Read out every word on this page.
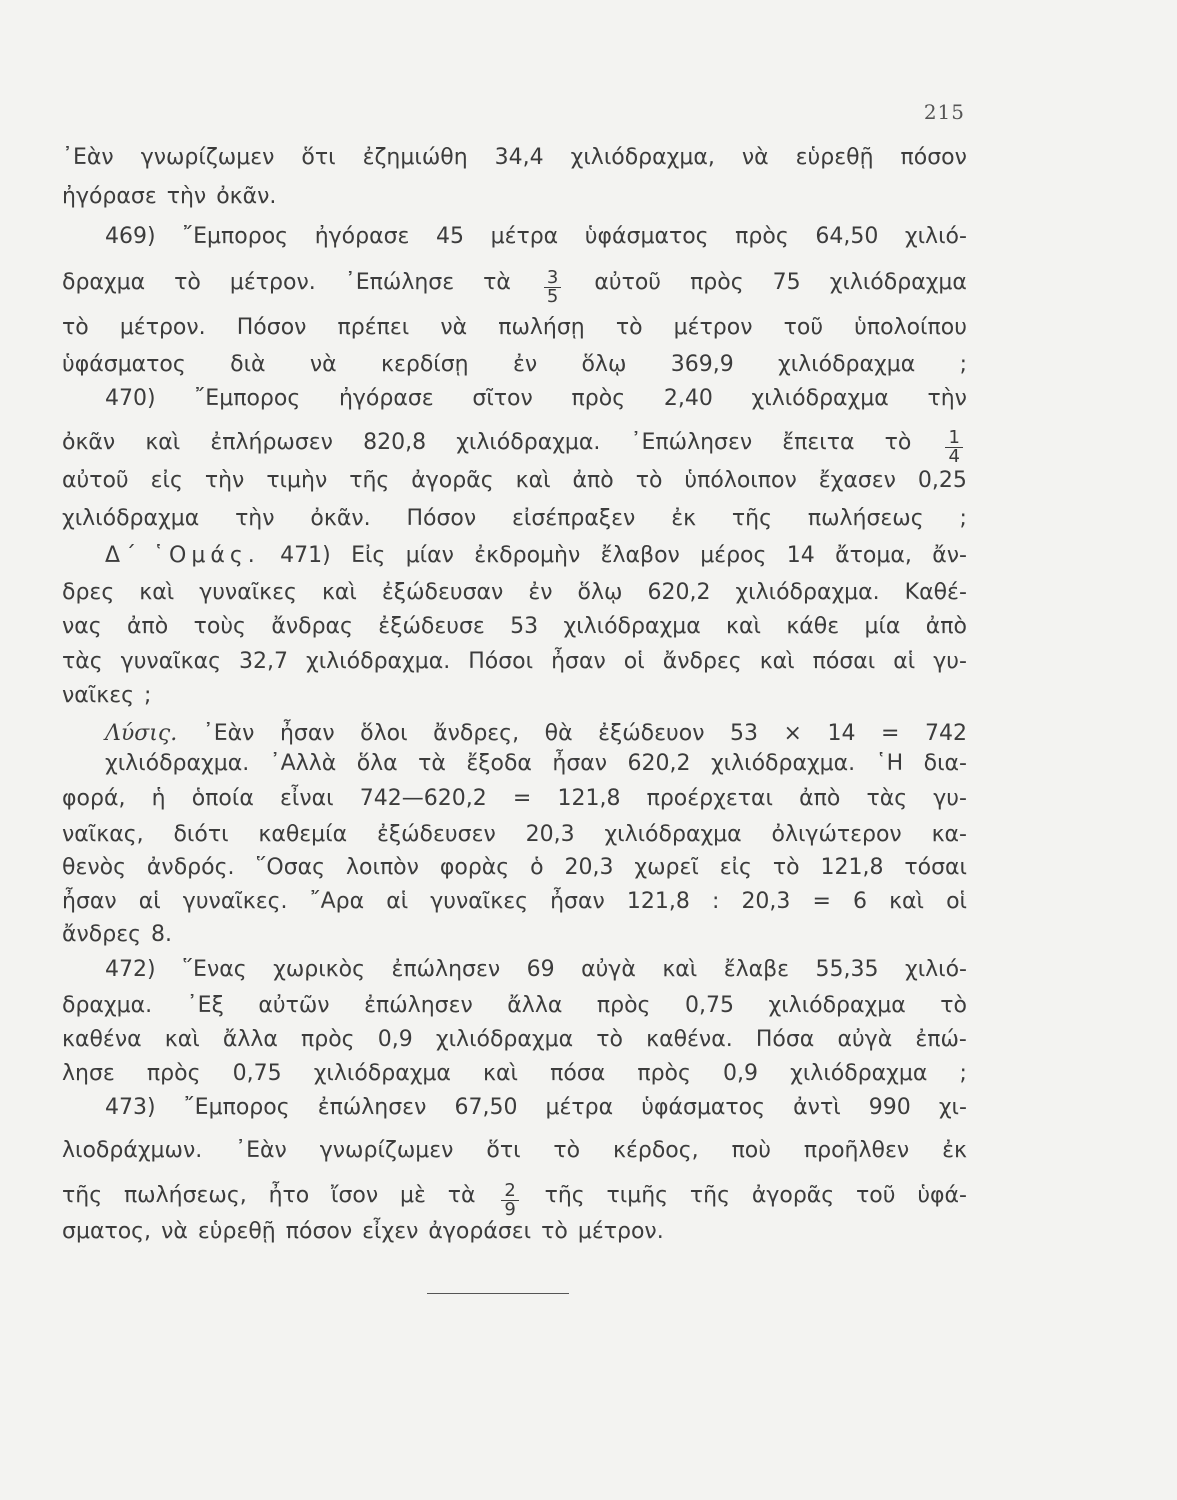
215
᾿Εὰν γνωρίζωμεν ὅτι ἐζημιώθη 34,4 χιλιόδραχμα, νὰ εὑρεθῇ πόσον
ἠγόρασε τὴν ὀκᾶν.
469) ῎Εμπορος ἠγόρασε 45 μέτρα ὑφάσματος πρὸς 64,50 χιλιό-
δραχμα τὸ μέτρον. ᾿Επώλησε τὰ $\frac{3}{5}$ αὐτοῦ πρὸς 75 χιλιόδραχμα
τὸ μέτρον. Πόσον πρέπει νὰ πωλήσῃ τὸ μέτρον τοῦ ὑπολοίπου
ὑφάσματος διὰ νὰ κερδίσῃ ἐν ὅλῳ 369,9 χιλιόδραχμα ;
470) ῎Εμπορος ἠγόρασε σῖτον πρὸς 2,40 χιλιόδραχμα τὴν
ὀκᾶν καὶ ἐπλήρωσεν 820,8 χιλιόδραχμα. ᾿Επώλησεν ἔπειτα τὸ $\frac{1}{4}$
αὐτοῦ εἰς τὴν τιμὴν τῆς ἀγορᾶς καὶ ἀπὸ τὸ ὑπόλοιπον ἔχασεν 0,25
χιλιόδραχμα τὴν ὀκᾶν. Πόσον εἰσέπραξεν ἐκ τῆς πωλήσεως ;
Δ΄ ῾Ομάς. 471) Εἰς μίαν ἐκδρομὴν ἔλαβον μέρος 14 ἄτομα, ἄν-
δρες καὶ γυναῖκες καὶ ἐξώδευσαν ἐν ὅλῳ 620,2 χιλιόδραχμα. Καθέ-
νας ἀπὸ τοὺς ἄνδρας ἐξώδευσε 53 χιλιόδραχμα καὶ κάθε μία ἀπὸ
τὰς γυναῖκας 32,7 χιλιόδραχμα. Πόσοι ἦσαν οἱ ἄνδρες καὶ πόσαι αἱ γυ-
ναῖκες ;
Λύσις. ᾿Εὰν ἦσαν ὅλοι ἄνδρες, θὰ ἐξώδευον 53 × 14 = 742
χιλιόδραχμα. ᾿Αλλὰ ὅλα τὰ ἔξοδα ἦσαν 620,2 χιλιόδραχμα. ῾Η δια-
φορά, ἡ ὁποία εἶναι 742—620,2 = 121,8 προέρχεται ἀπὸ τὰς γυ-
ναῖκας, διότι καθεμία ἐξώδευσεν 20,3 χιλιόδραχμα ὀλιγώτερον κα-
θενὸς ἀνδρός. ῞Οσας λοιπὸν φορὰς ὁ 20,3 χωρεῖ εἰς τὸ 121,8 τόσαι
ἦσαν αἱ γυναῖκες. ῎Αρα αἱ γυναῖκες ἦσαν 121,8 : 20,3 = 6 καὶ οἱ
ἄνδρες 8.
472) ῞Ενας χωρικὸς ἐπώλησεν 69 αὐγὰ καὶ ἔλαβε 55,35 χιλιό-
δραχμα. ᾿Εξ αὐτῶν ἐπώλησεν ἄλλα πρὸς 0,75 χιλιόδραχμα τὸ
καθένα καὶ ἄλλα πρὸς 0,9 χιλιόδραχμα τὸ καθένα. Πόσα αὐγὰ ἐπώ-
λησε πρὸς 0,75 χιλιόδραχμα καὶ πόσα πρὸς 0,9 χιλιόδραχμα ;
473) ῎Εμπορος ἐπώλησεν 67,50 μέτρα ὑφάσματος ἀντὶ 990 χι-
λιοδράχμων. ᾿Εὰν γνωρίζωμεν ὅτι τὸ κέρδος, ποὺ προῆλθεν ἐκ
τῆς πωλήσεως, ἦτο ἴσον μὲ τὰ $\frac{2}{9}$ τῆς τιμῆς τῆς ἀγορᾶς τοῦ ὑφά-
σματος, νὰ εὑρεθῇ πόσον εἶχεν ἀγοράσει τὸ μέτρον.
